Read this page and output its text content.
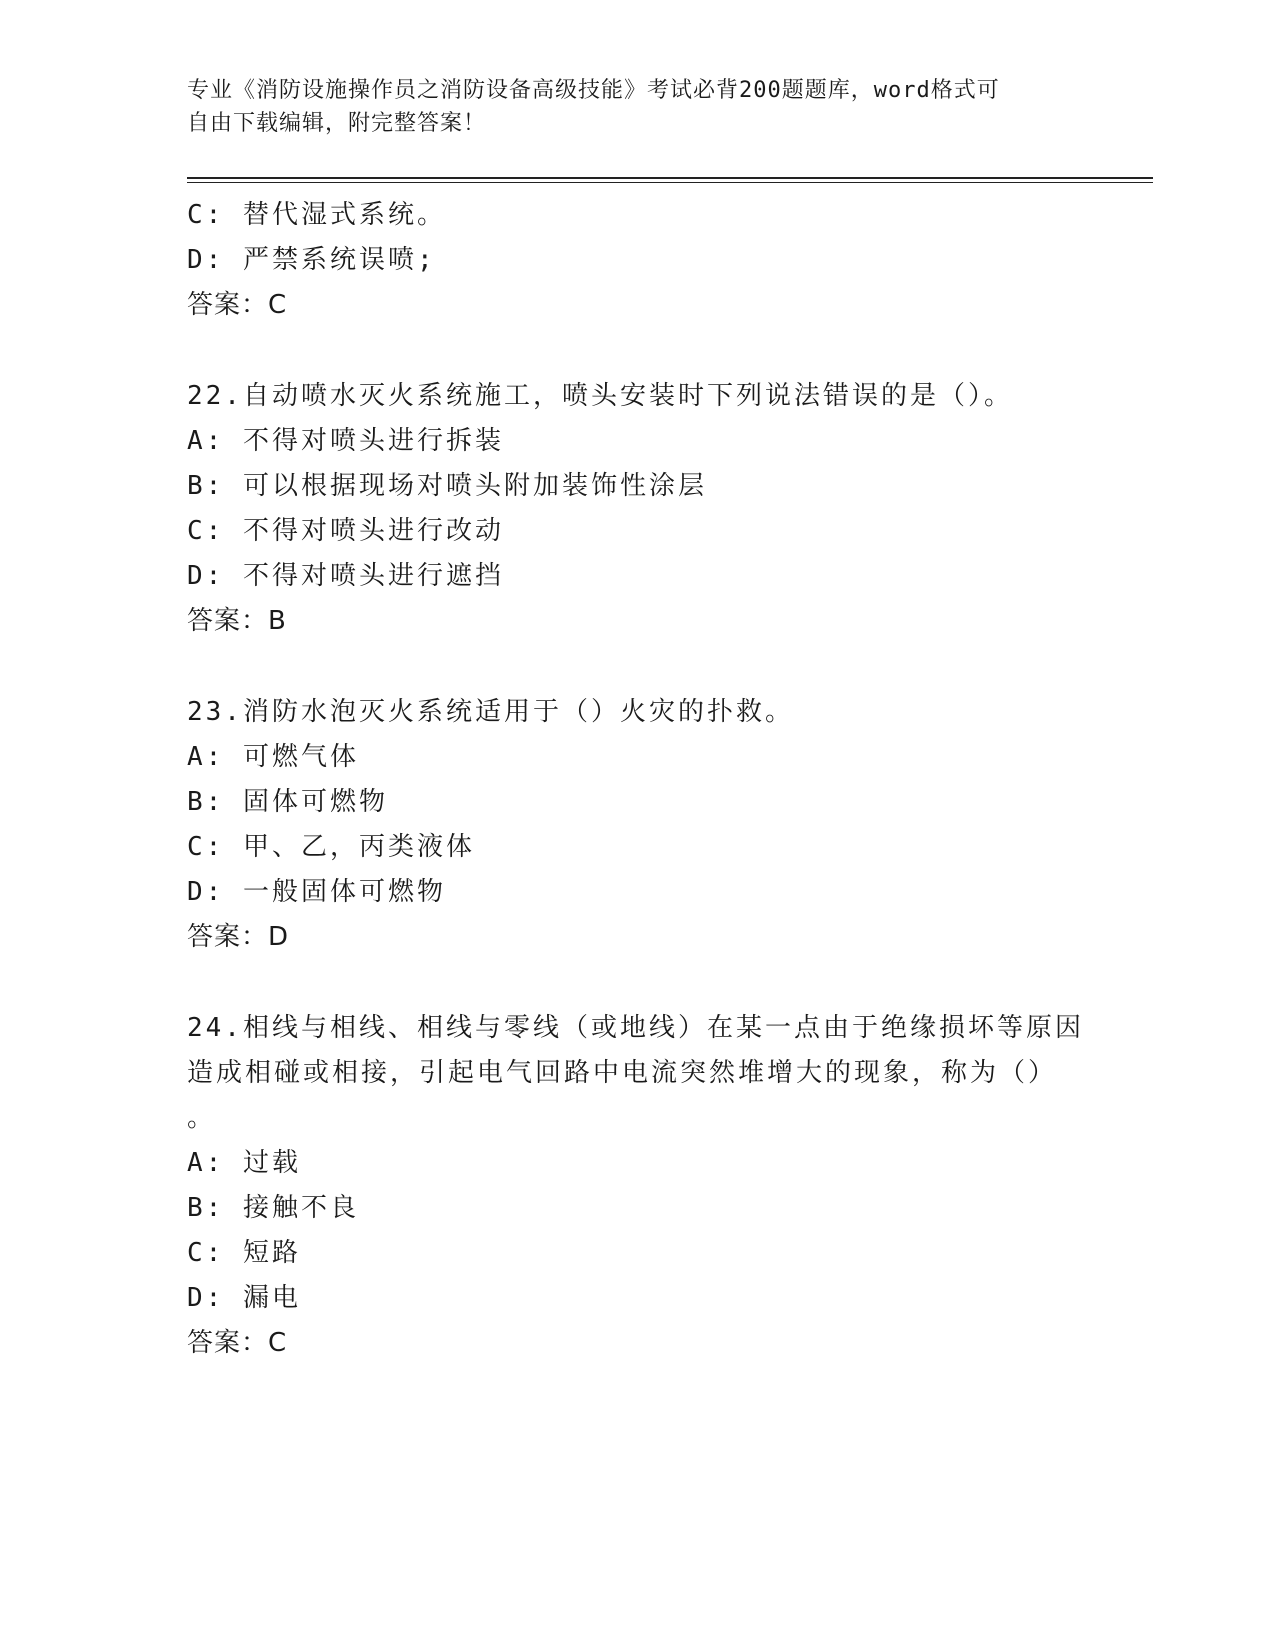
专业《消防设施操作员之消防设备高级技能》考试必背200题题库，word格式可
自由下载编辑，附完整答案！
C: 替代湿式系统。
D: 严禁系统误喷;
答案：C
22.自动喷水灭火系统施工，喷头安装时下列说法错误的是（）。
A: 不得对喷头进行拆装
B: 可以根据现场对喷头附加装饰性涂层
C: 不得对喷头进行改动
D: 不得对喷头进行遮挡
答案：B
23.消防水泡灭火系统适用于（）火灾的扑救。
A: 可燃气体
B: 固体可燃物
C: 甲、乙，丙类液体
D: 一般固体可燃物
答案：D
24.相线与相线、相线与零线（或地线）在某一点由于绝缘损坏等原因
造成相碰或相接，引起电气回路中电流突然堆增大的现象，称为（）
。
A: 过载
B: 接触不良
C: 短路
D: 漏电
答案：C
